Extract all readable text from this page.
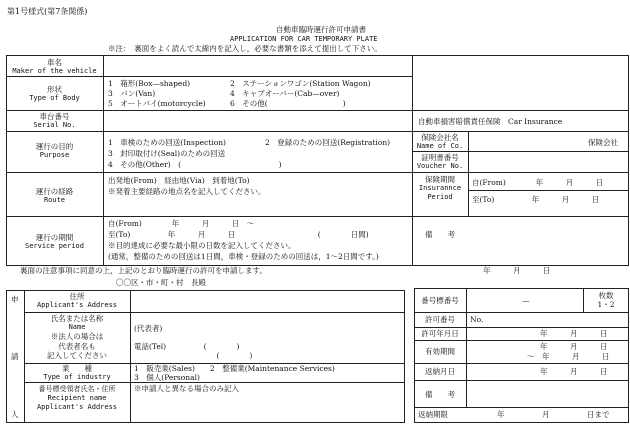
第1号様式(第7条関係)
自動車臨時運行許可申請書
APPLICATION FOR CAR TEMPORARY PLATE
※注：　裏面をよく読んで太線内を記入し，必要な書類を添えて提出して下さい。
車名
Maker of the vehicle
形状
Type of Body
1　箱形(Box—shaped)	2　ステーションワゴン(Station Wagon)
3　バン(Van)	4　キャブオーバー(Cab—over)
5　オートバイ(motorcycle)	6　その他(　　　　　　　　　　)
車台番号
Serial No.	自動車損害賠償責任保険　Car Insurance
運行の目的
Purpose
1　車検のための回送(Inspection)	2　登録のための回送(Registration)
3　封印取付け(Seal)のための回送
4　その他(Other)　(　　　　　　　　　　　　　)
運行の経路
Route
出発地(From)　経由地(Via)　到着地(To)
※発着主要経路の地点名を記入してください。
運行の期間
Service period
自(From)　　　　年　　　月　　　日　〜
至(To)　　　　　年　　　月　　　日　　　　　　　　　　　(　　　　日間)
※目的達成に必要な最小限の日数を記入してください。
(通常，整備のための回送は1日間，車検・登録のための回送は，1〜2日間です。)
保険会社名
Name of Co.	保険会社
証明書番号
Voucher No.
保険期間
Insurannce Period
自(From)　　　　年　　　月　　　日
至(To)　　　　　年　　　月　　　日
備　　考
裏面の注意事項に同意の上，上記のとおり臨時運行の許可を申請します。	年　　　月　　　日
〇〇区・市・町・村　長殿
申
請
人
住所
Applicant's Address
氏名または名称
Name
※法人の場合は
代表者名も
記入してください
(代表者)
電話(Tel)　　　　　(　　　　)
　　　　　　　　　　　(　　　　)
業　　種
Type of industry
1　販売業(Sales)　　2　整備業(Maintenance Services)
3　個人(Personal)
番号標受領者氏名・住所
Recipient name
Applicant's Address
※申請人と異なる場合のみ記入
番号標番号	—
枚数
1・2
許可番号	No.
許可年月日	年　　　月　　　日
有効期間
年　　　月　　　日
〜　年　　　月　　　日
返納月日	年　　　月　　　日
備　　考
返納期限	年　　　　　月　　　　　日まで
